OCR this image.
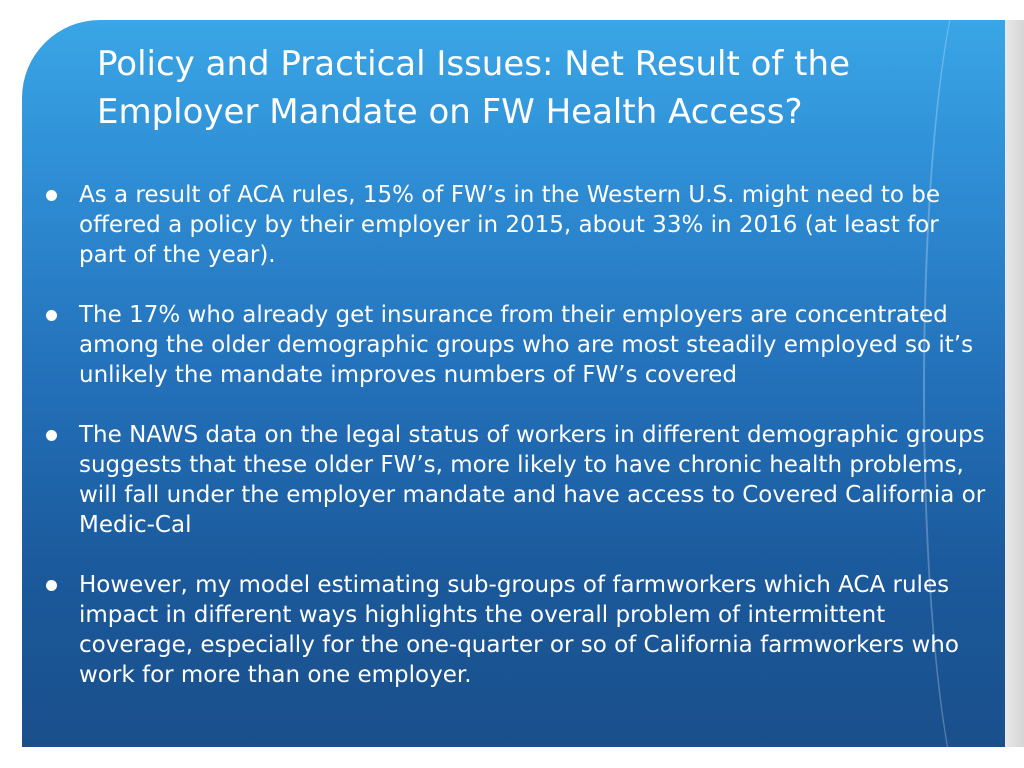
Policy and Practical Issues: Net Result of the Employer Mandate on FW Health Access?
As a result of ACA rules, 15% of FW’s in the Western U.S. might need to be offered a policy by their employer in 2015, about 33% in 2016 (at least for part of the year).
The 17% who already get insurance from their employers are concentrated among the older demographic groups who are most steadily employed so it’s unlikely the mandate improves numbers of FW’s covered
The NAWS data on the legal status of workers in different demographic groups suggests that these older FW’s, more likely to have chronic health problems, will fall under the employer mandate and have access to Covered California or Medic-Cal
However, my model estimating sub-groups of farmworkers which ACA rules impact in different ways highlights the overall problem of intermittent coverage, especially for the one-quarter or so of California farmworkers who work for more than one employer.
